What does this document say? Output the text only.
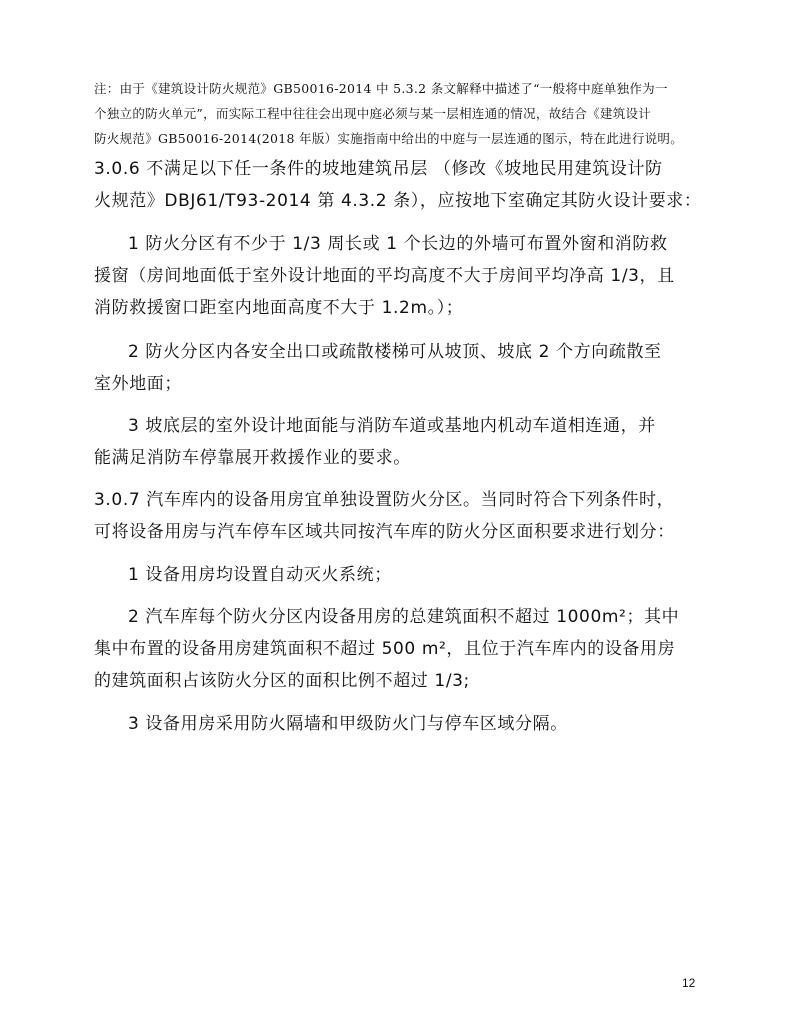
注：由于《建筑设计防火规范》GB50016-2014 中 5.3.2 条文解释中描述了“一般将中庭单独作为一
个独立的防火单元”，而实际工程中往往会出现中庭必须与某一层相连通的情况，故结合《建筑设计
防火规范》GB50016-2014(2018 年版）实施指南中给出的中庭与一层连通的图示，特在此进行说明。
3.0.6 不满足以下任一条件的坡地建筑吊层 （修改《坡地民用建筑设计防
火规范》DBJ61/T93-2014 第 4.3.2 条），应按地下室确定其防火设计要求：
1 防火分区有不少于 1/3 周长或 1 个长边的外墙可布置外窗和消防救
援窗（房间地面低于室外设计地面的平均高度不大于房间平均净高 1/3，且
消防救援窗口距室内地面高度不大于 1.2m。）；
2 防火分区内各安全出口或疏散楼梯可从坡顶、坡底 2 个方向疏散至
室外地面；
3 坡底层的室外设计地面能与消防车道或基地内机动车道相连通，并
能满足消防车停靠展开救援作业的要求。
3.0.7 汽车库内的设备用房宜单独设置防火分区。当同时符合下列条件时，
可将设备用房与汽车停车区域共同按汽车库的防火分区面积要求进行划分：
1 设备用房均设置自动灭火系统；
2 汽车库每个防火分区内设备用房的总建筑面积不超过 1000m²；其中
集中布置的设备用房建筑面积不超过 500 m²，且位于汽车库内的设备用房
的建筑面积占该防火分区的面积比例不超过 1/3;
3 设备用房采用防火隔墙和甲级防火门与停车区域分隔。
12
